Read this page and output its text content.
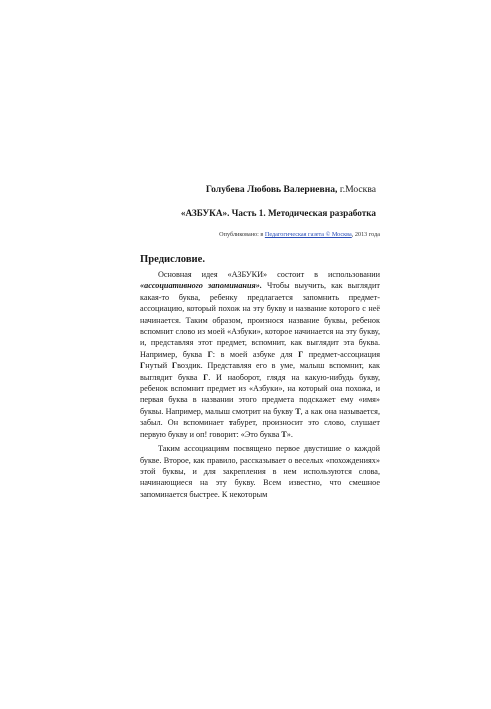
Голубева Любовь Валериевна, г.Москва
«АЗБУКА». Часть 1. Методическая разработка
Опубликовано: в Педагогическая газета © Москва, 2013 года
Предисловие.

Основная идея «АЗБУКИ» состоит в использовании «ассоциативного запоминания». Чтобы выучить, как выглядит какая-то буква, ребенку предлагается запомнить предмет-ассоциацию, который похож на эту букву и название которого с неё начинается. Таким образом, произнося название буквы, ребенок вспомнит слово из моей «Азбуки», которое начинается на эту букву, и, представляя этот предмет, вспомнит, как выглядит эта буква. Например, буква Г: в моей азбуке для Г предмет-ассоциация Гнутый Гвоздик. Представляя его в уме, малыш вспомнит, как выглядит буква Г. И наоборот, глядя на какую-нибудь букву, ребенок вспомнит предмет из «Азбуки», на который она похожа, и первая буква в названии этого предмета подскажет ему «имя» буквы. Например, малыш смотрит на букву Т, а как она называется, забыл. Он вспоминает табурет, произносит это слово, слушает первую букву и оп! говорит: «Это буква Т».

Таким ассоциациям посвящено первое двустишие о каждой букве. Второе, как правило, рассказывает о веселых «похождениях» этой буквы, и для закрепления в нем используются слова, начинающиеся на эту букву. Всем известно, что смешное запоминается быстрее. К некоторым
